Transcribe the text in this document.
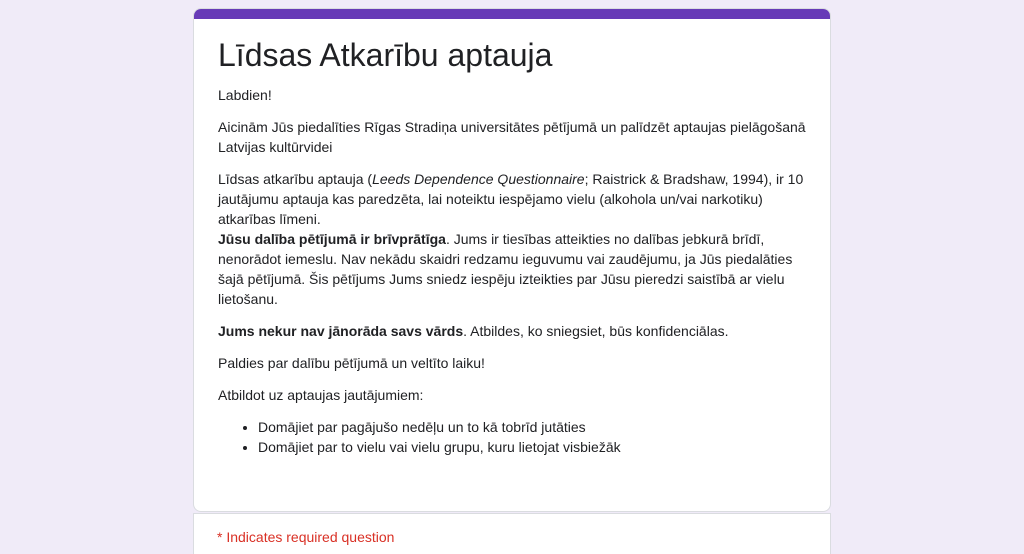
Līdsas Atkarību aptauja

Labdien!

Aicinām Jūs piedalīties Rīgas Stradiņa universitātes pētījumā un palīdzēt aptaujas pielāgošanā Latvijas kultūrvidei

Līdsas atkarību aptauja (Leeds Dependence Questionnaire; Raistrick & Bradshaw, 1994), ir 10 jautājumu aptauja kas paredzēta, lai noteiktu iespējamo vielu (alkohola un/vai narkotiku) atkarības līmeni.

Jūsu dalība pētījumā ir brīvprātīga. Jums ir tiesības atteikties no dalības jebkurā brīdī, nenorādot iemeslu. Nav nekādu skaidri redzamu ieguvumu vai zaudējumu, ja Jūs piedalāties šajā pētījumā. Šis pētījums Jums sniedz iespēju izteikties par Jūsu pieredzi saistībā ar vielu lietošanu.

Jums nekur nav jānorāda savs vārds. Atbildes, ko sniegsiet, būs konfidenciālas.

Paldies par dalību pētījumā un veltīto laiku!

Atbildot uz aptaujas jautājumiem:

• Domājiet par pagājušo nedēļu un to kā tobrīd jutāties
• Domājiet par to vielu vai vielu grupu, kuru lietojat visbiežāk
* Indicates required question
